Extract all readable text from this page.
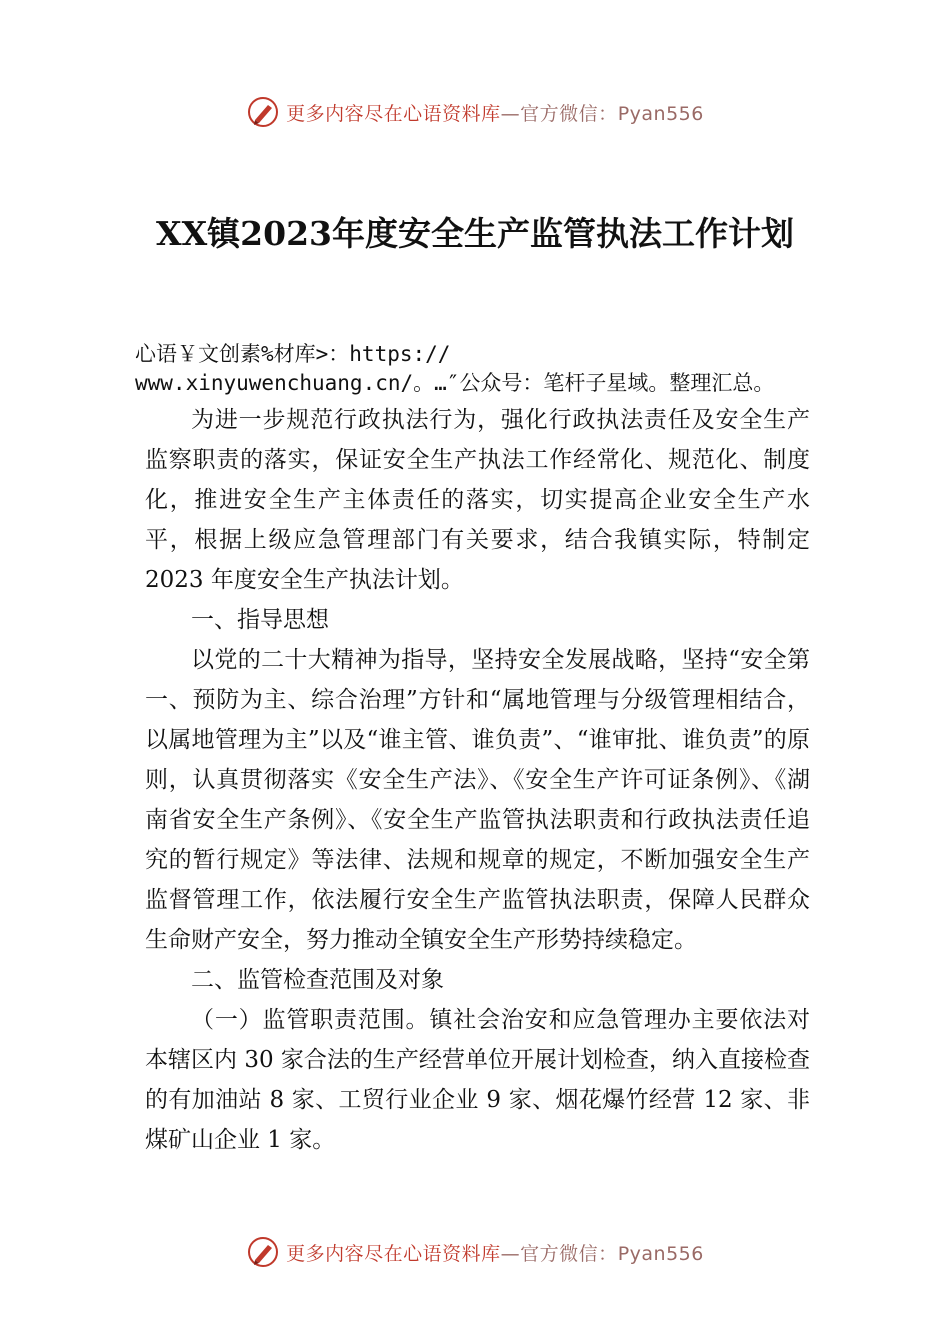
更多内容尽在心语资料库—官方微信：Pyan556
XX镇2023年度安全生产监管执法工作计划
心语￥文创素%材库>：https://
www.xinyuwenchuang.cn/。…″公众号：笔杆子星域。整理汇总。

为进一步规范行政执法行为，强化行政执法责任及安全生产监察职责的落实，保证安全生产执法工作经常化、规范化、制度化，推进安全生产主体责任的落实，切实提高企业安全生产水平，根据上级应急管理部门有关要求，结合我镇实际，特制定 2023 年度安全生产执法计划。

一、指导思想

以党的二十大精神为指导，坚持安全发展战略，坚持“安全第一、预防为主、综合治理”方针和“属地管理与分级管理相结合，以属地管理为主”以及“谁主管、谁负责”、“谁审批、谁负责”的原则，认真贯彻落实《安全生产法》、《安全生产许可证条例》、《湖南省安全生产条例》、《安全生产监管执法职责和行政执法责任追究的暂行规定》等法律、法规和规章的规定，不断加强安全生产监督管理工作，依法履行安全生产监管执法职责，保障人民群众生命财产安全，努力推动全镇安全生产形势持续稳定。

二、监管检查范围及对象

（一）监管职责范围。镇社会治安和应急管理办主要依法对本辖区内 30 家合法的生产经营单位开展计划检查，纳入直接检查的有加油站 8 家、工贸行业企业 9 家、烟花爆竹经营 12 家、非煤矿山企业 1 家。

更多内容尽在心语资料库—官方微信：Pyan556
